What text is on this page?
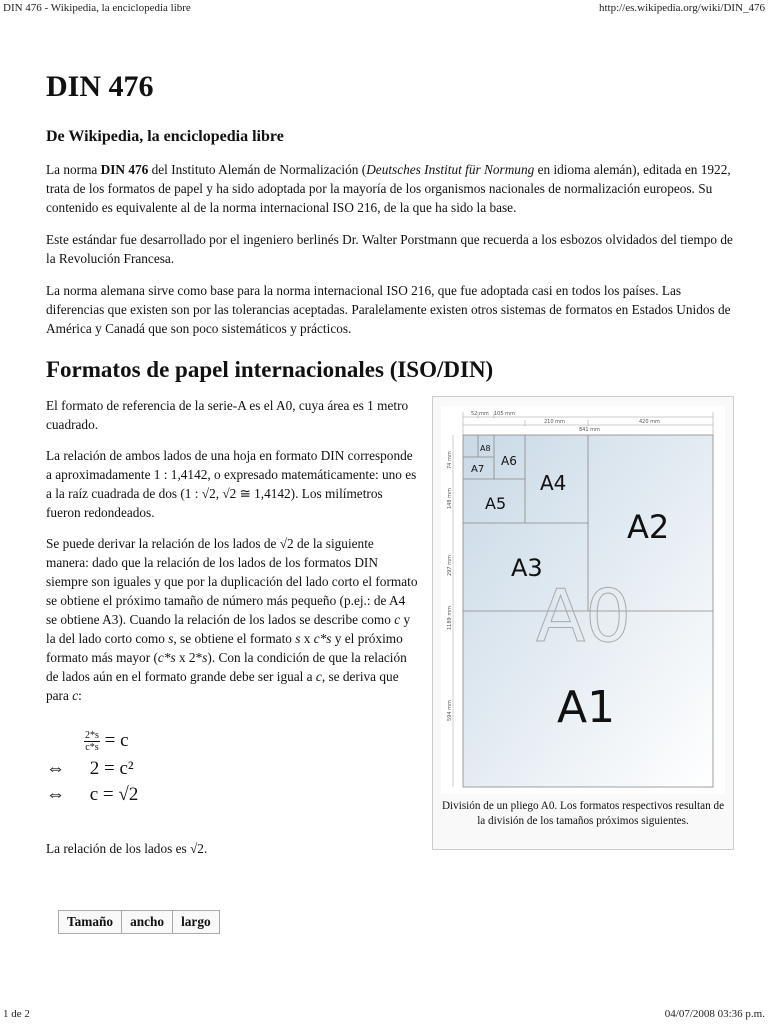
DIN 476 - Wikipedia, la enciclopedia libre	http://es.wikipedia.org/wiki/DIN_476
DIN 476
De Wikipedia, la enciclopedia libre

La norma DIN 476 del Instituto Alemán de Normalización (Deutsches Institut für Normung en idioma alemán), editada en 1922, trata de los formatos de papel y ha sido adoptada por la mayoría de los organismos nacionales de normalización europeos. Su contenido es equivalente al de la norma internacional ISO 216, de la que ha sido la base.

Este estándar fue desarrollado por el ingeniero berlinés Dr. Walter Porstmann que recuerda a los esbozos olvidados del tiempo de la Revolución Francesa.

La norma alemana sirve como base para la norma internacional ISO 216, que fue adoptada casi en todos los países. Las diferencias que existen son por las tolerancias aceptadas. Paralelamente existen otros sistemas de formatos en Estados Unidos de América y Canadá que son poco sistemáticos y prácticos.

Formatos de papel internacionales (ISO/DIN)

El formato de referencia de la serie-A es el A0, cuya área es 1 metro cuadrado.

La relación de ambos lados de una hoja en formato DIN corresponde a aproximadamente 1 : 1,4142, o expresado matemáticamente: uno es a la raíz cuadrada de dos (1 : √2, √2 ≅ 1,4142). Los milímetros fueron redondeados.

Se puede derivar la relación de los lados de √2 de la siguiente manera: dado que la relación de los lados de los formatos DIN siempre son iguales y que por la duplicación del lado corto el formato se obtiene el próximo tamaño de número más pequeño (p.ej.: de A4 se obtiene A3). Cuando la relación de los lados se describe como c y la del lado corto como s, se obtiene el formato s x c*s y el próximo formato más mayor (c*s x 2*s). Con la condición de que la relación de lados aún en el formato grande debe ser igual a c, se deriva que para c:

$\frac{2*s}{c*s} = c$
⇔ 2 = c²
⇔ c = √2

La relación de los lados es √2.

52 mm 105 mm
210 mm	420 mm
841 mm
74 mm
148 mm
297 mm
1189 mm
594 mm
A0
A1
A2
A3
A4
A5
A6
A7
A8
División de un pliego A0. Los formatos respectivos resultan de la división de los tamaños próximos siguientes.
Tamaño	ancho	largo
1 de 2	04/07/2008 03:36 p.m.
